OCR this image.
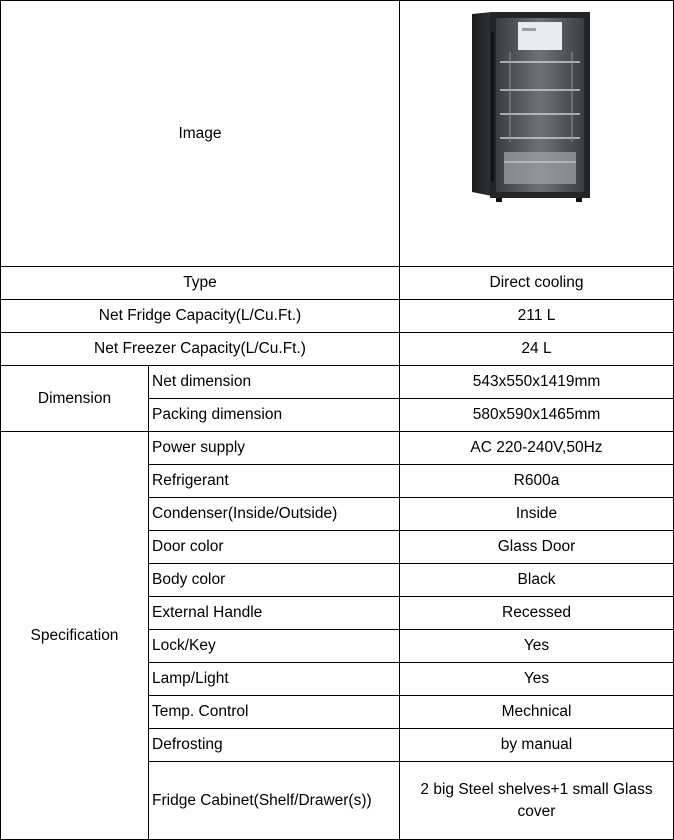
Image	

Type		Direct cooling
Net Fridge Capacity(L/Cu.Ft.)		211 L
Net Freezer Capacity(L/Cu.Ft.)		24 L
Dimension	Net dimension	543x550x1419mm
	Packing dimension	580x590x1465mm
Specification	Power supply	AC 220-240V,50Hz
	Refrigerant	R600a
	Condenser(Inside/Outside)	Inside
	Door color	Glass Door
	Body color	Black
	External Handle	Recessed
	Lock/Key	Yes
	Lamp/Light	Yes
	Temp. Control	Mechnical
	Defrosting	by manual
	Fridge Cabinet(Shelf/Drawer(s))	2 big Steel shelves+1 small Glass cover
